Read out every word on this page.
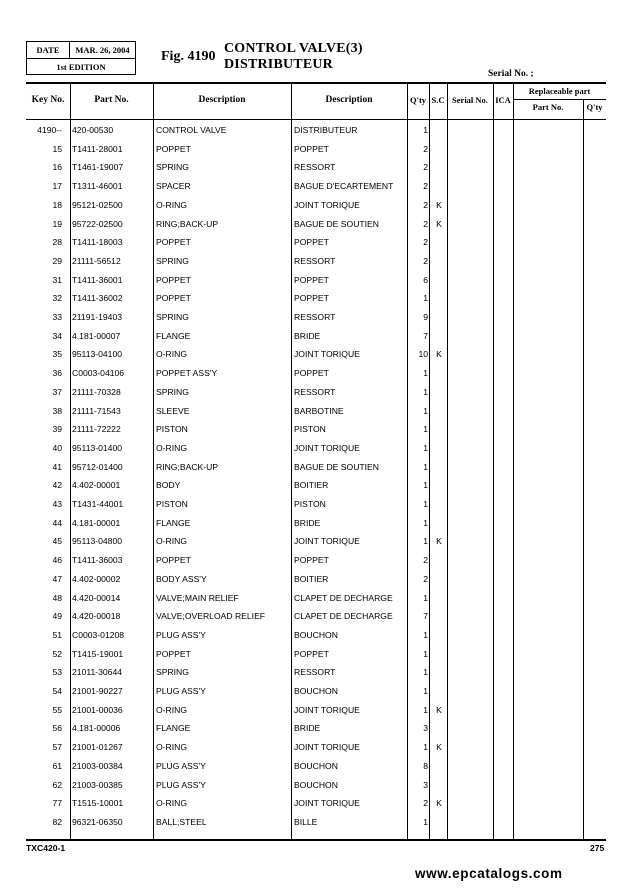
DATE	MAR. 26, 2004
1st EDITION
Fig. 4190
CONTROL VALVE(3)
DISTRIBUTEUR
Serial No. ;
Key No.	Part No.	Description	Description	Q'ty S.C Serial No. ICA
Replaceable part
Part No.	Q'ty
4190-- 420-00530	CONTROL VALVE	DISTRIBUTEUR	1
15 T1411-28001	POPPET	POPPET	2
16 T1461-19007	SPRING	RESSORT	2
17 T1311-46001	SPACER	BAGUE D'ECARTEMENT	2
18 95121-02500	O-RING	JOINT TORIQUE	2 K
19 95722-02500	RING;BACK-UP	BAGUE DE SOUTIEN	2 K
28 T1411-18003	POPPET	POPPET	2
29 21111-56512	SPRING	RESSORT	2
31 T1411-36001	POPPET	POPPET	6
32 T1411-36002	POPPET	POPPET	1
33 21191-19403	SPRING	RESSORT	9
34 4.181-00007	FLANGE	BRIDE	7
35 95113-04100	O-RING	JOINT TORIQUE	10 K
36 C0003-04106	POPPET ASS'Y	POPPET	1
37 21111-70328	SPRING	RESSORT	1
38 21111-71543	SLEEVE	BARBOTINE	1
39 21111-72222	PISTON	PISTON	1
40 95113-01400	O-RING	JOINT TORIQUE	1
41 95712-01400	RING;BACK-UP	BAGUE DE SOUTIEN	1
42 4.402-00001	BODY	BOITIER	1
43 T1431-44001	PISTON	PISTON	1
44 4.181-00001	FLANGE	BRIDE	1
45 95113-04800	O-RING	JOINT TORIQUE	1 K
46 T1411-36003	POPPET	POPPET	2
47 4.402-00002	BODY ASS'Y	BOITIER	2
48 4.420-00014	VALVE;MAIN RELIEF	CLAPET DE DECHARGE	1
49 4.420-00018	VALVE;OVERLOAD RELIEF	CLAPET DE DECHARGE	7
51 C0003-01208	PLUG ASS'Y	BOUCHON	1
52 T1415-19001	POPPET	POPPET	1
53 21011-30644	SPRING	RESSORT	1
54 21001-90227	PLUG ASS'Y	BOUCHON	1
55 21001-00036	O-RING	JOINT TORIQUE	1 K
56 4.181-00006	FLANGE	BRIDE	3
57 21001-01267	O-RING	JOINT TORIQUE	1 K
61 21003-00384	PLUG ASS'Y	BOUCHON	8
62 21003-00385	PLUG ASS'Y	BOUCHON	3
77 T1515-10001	O-RING	JOINT TORIQUE	2 K
82 96321-06350	BALL;STEEL	BILLE	1
TXC420-1	275
www.epcatalogs.com
